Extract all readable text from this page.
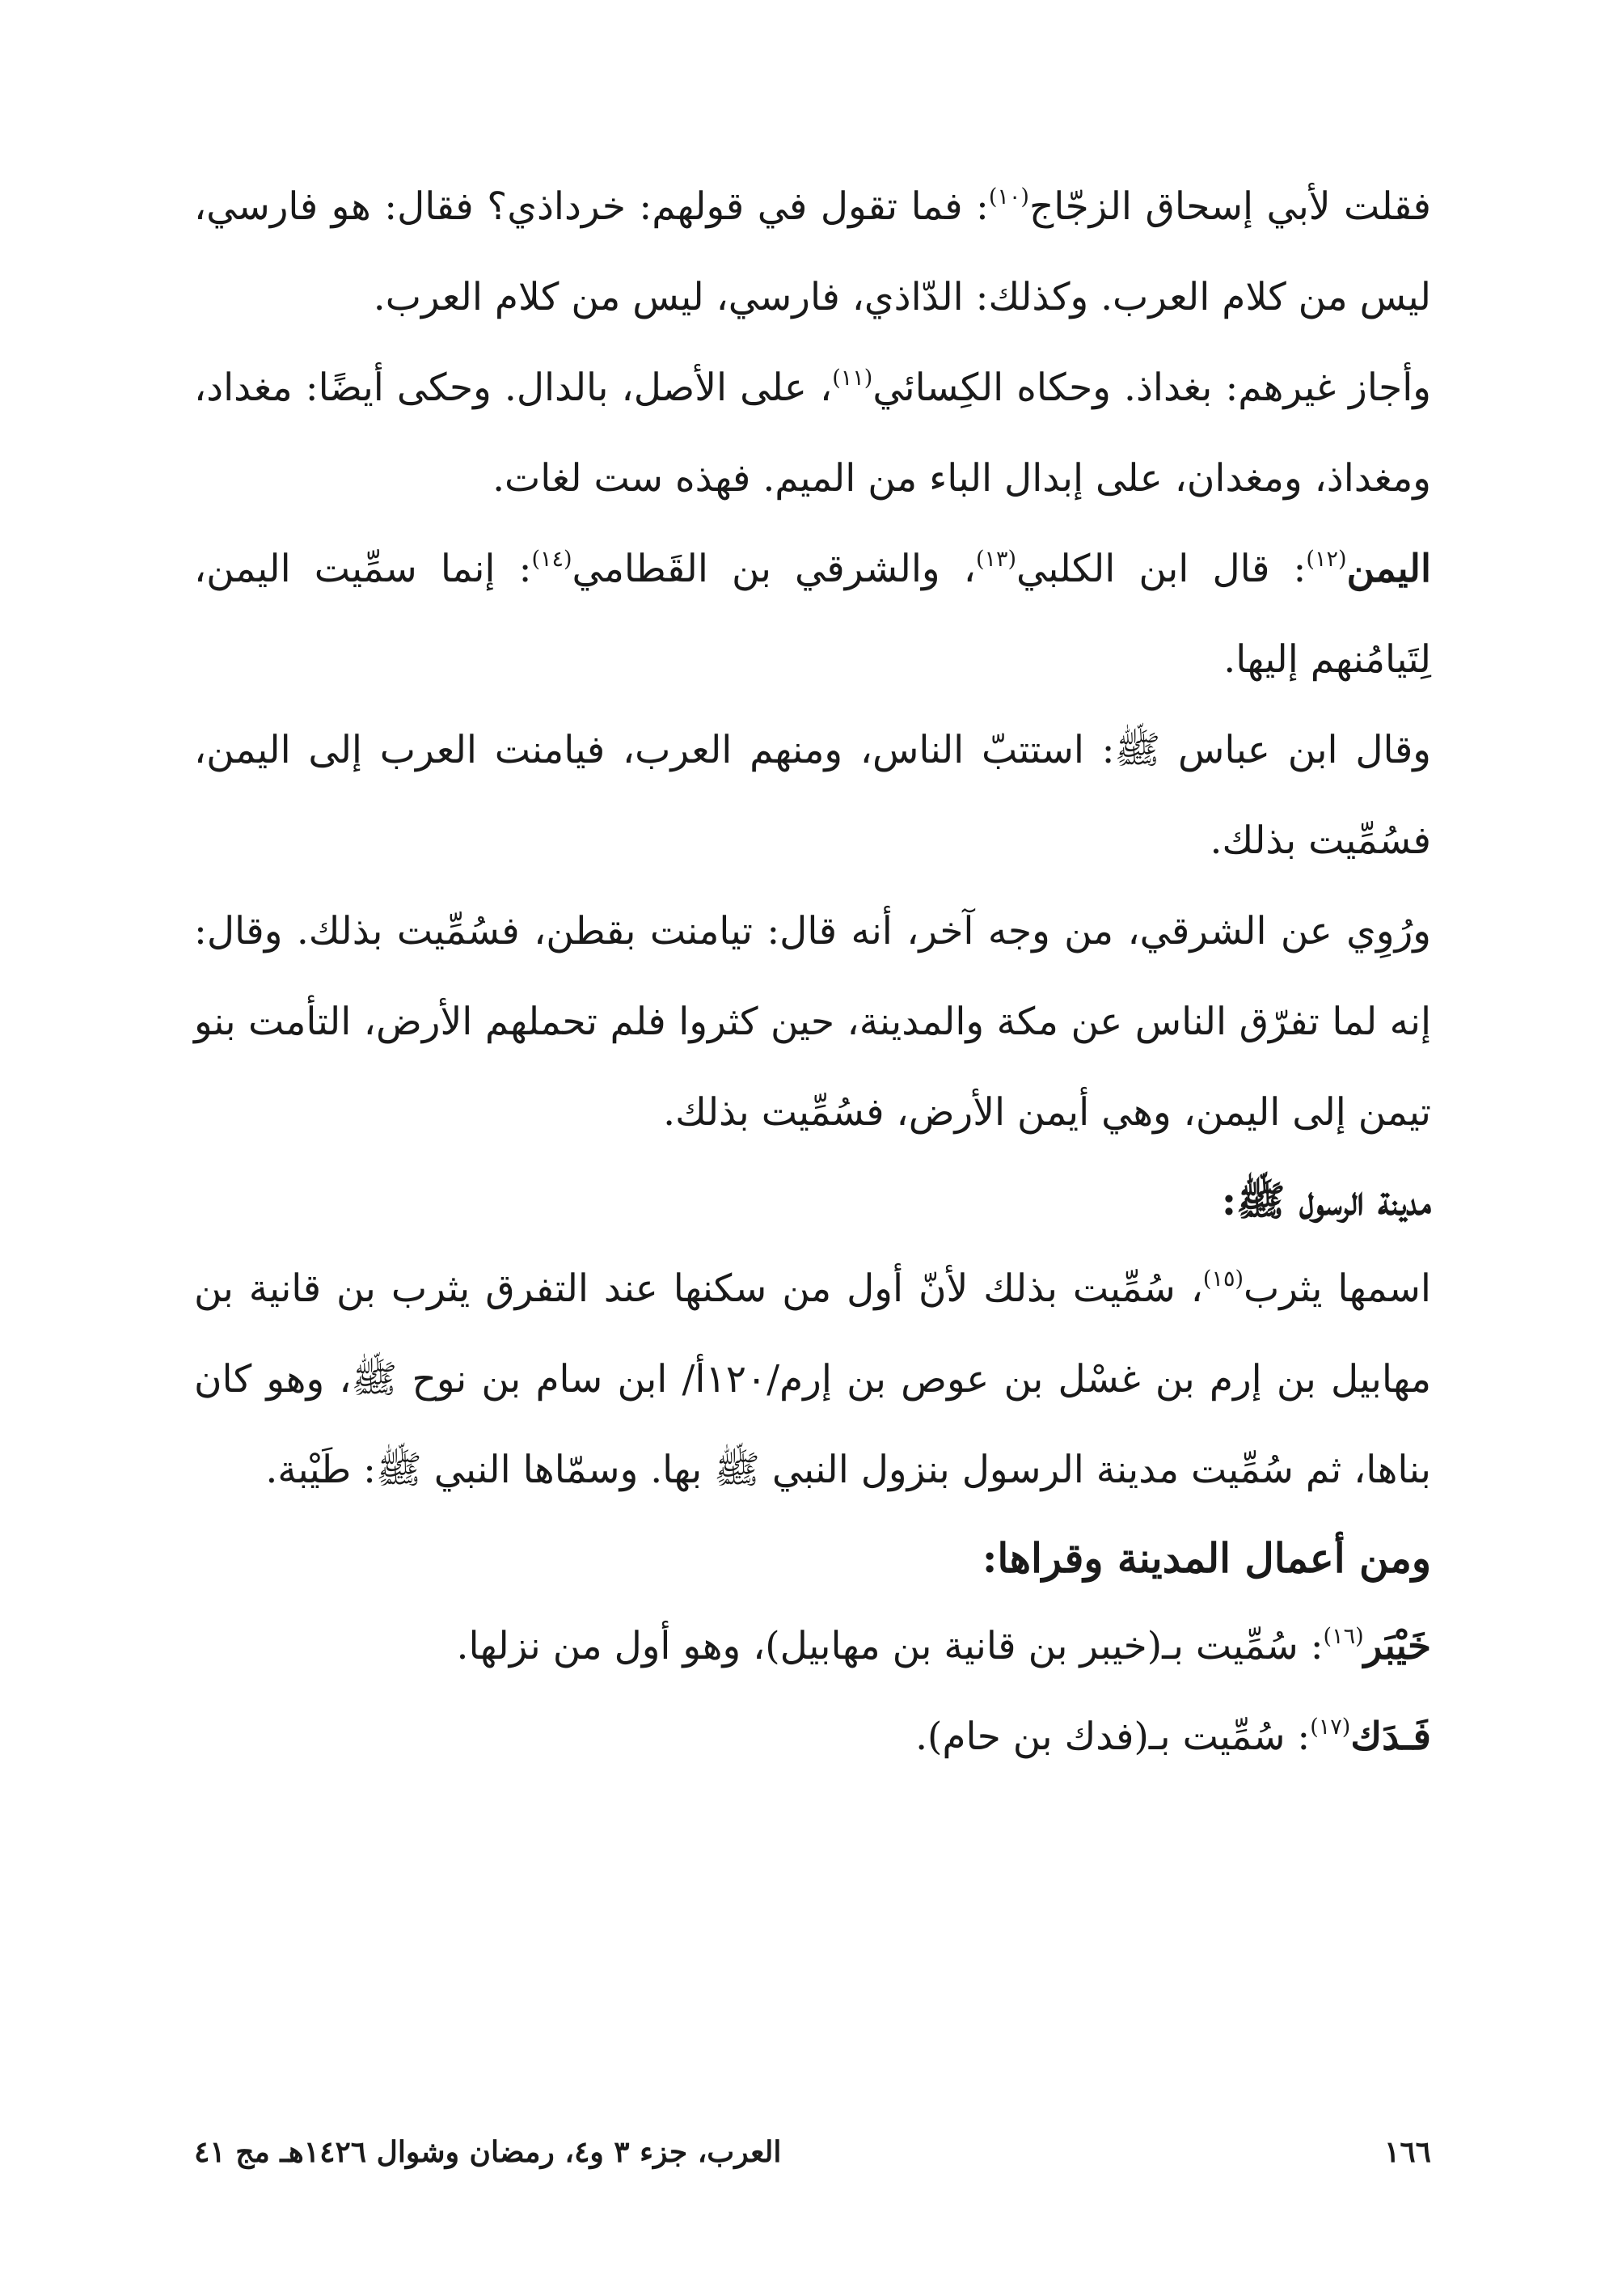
فقلت لأبي إسحاق الزجّاج$^{(١٠)}$: فما تقول في قولهم: خرداذي؟ فقال: هو فارسي، ليس من كلام العرب. وكذلك: الدّاذي، فارسي، ليس من كلام العرب.

وأجاز غيرهم: بغداذ. وحكاه الكِسائي$^{(١١)}$، على الأصل، بالدال. وحكى أيضًا: مغداد، ومغداذ، ومغدان، على إبدال الباء من الميم. فهذه ست لغات.

اليمن$^{(١٢)}$: قال ابن الكلبي$^{(١٣)}$، والشرقي بن القَطامي$^{(١٤)}$: إنما سمِّيت اليمن، لِتَيامُنهم إليها.

وقال ابن عباس ﷺ: استتبّ الناس، ومنهم العرب، فيامنت العرب إلى اليمن، فسُمِّيت بذلك.

ورُوِي عن الشرقي، من وجه آخر، أنه قال: تيامنت بقطن، فسُمِّيت بذلك. وقال: إنه لما تفرّق الناس عن مكة والمدينة، حين كثروا فلم تحملهم الأرض، التأمت بنو تيمن إلى اليمن، وهي أيمن الأرض، فسُمِّيت بذلك.

مدينة الرسول ﷺ:

اسمها يثرب$^{(١٥)}$، سُمِّيت بذلك لأنّ أول من سكنها عند التفرق يثرب بن قانية بن مهابيل بن إرم بن غسْل بن عوص بن إرم/١٢٠أ/ ابن سام بن نوح ﷺ، وهو كان بناها، ثم سُمِّيت مدينة الرسول بنزول النبي ﷺ بها. وسمّاها النبي ﷺ: طَيْبة.

ومن أعمال المدينة وقراها:

خَيْبَر$^{(١٦)}$: سُمِّيت بـ(خيبر بن قانية بن مهابيل)، وهو أول من نزلها.

فَـدَك$^{(١٧)}$: سُمِّيت بـ(فدك بن حام).

١٦٦
العرب، جزء ٣ و٤، رمضان وشوال ١٤٢٦هـ مج ٤١
